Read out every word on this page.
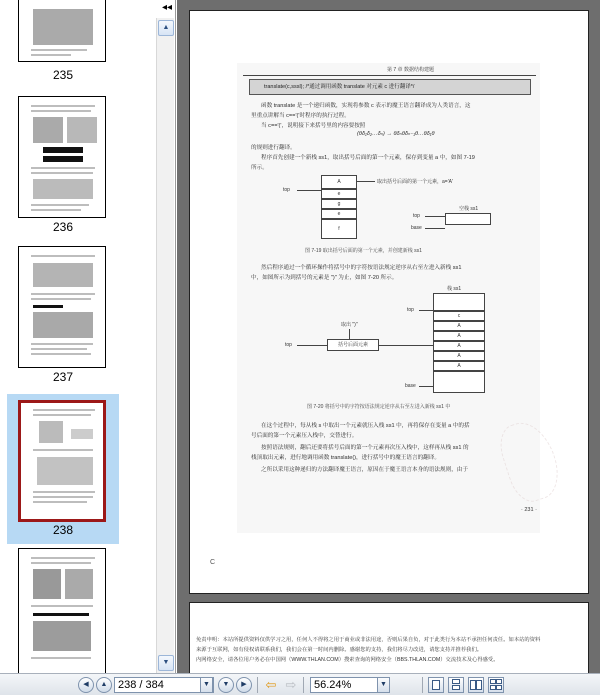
235
236
237
238
◂◂
▲
▼
第 7 章 数据结构建题
translate(c,sssl); /*通过调用函数 translate 对元素 c 进行翻译*/
函数 translate 是一个递归函数，实现将参数 c 表示的魔王语言翻译成为人类语言，这
里重点讲解当 c=='('时程序的执行过程。
当 c=='('，说明接下来括号里的内容要按照
(θδ₁δ₂…δₙ) → θδₙθδₙ₋₁θ…θδ₁θ
的规则进行翻译。
程序首先创建一个新栈 ss1，取出括号后面的第一个元素，保存到变量 a 中，如图 7-19
所示。
top
A
e
g
e
f
取出括号后面的第一个元素，a='A'
空栈 ss1
top
base
图 7-19 取出括号后面的第一个元素，并创建新栈 ss1
然后程序通过一个循环操作将括号中的字符按语法规定逆序从右至左进入新栈 ss1
中，如图所示为到括号的元素是 ")" 为止，如图 7-20 所示。
栈 ss1
top
c
A
A
A
A
A
取出 ")"
括号后面元素
top
base
图 7-20 将括号中的字符按语法规定逆序从右至左进入新栈 ss1 中
在这个过程中，每从栈 s 中取出一个元素就压入栈 ss1 中，再将保存在变量 a 中的括
号后面的第一个元素压入栈中，交替进行。
按照语法规则，翻后还要将括号后面的第一个元素再次压入栈中，这样再从栈 ss1 的
栈顶取出元素，进行地调用函数 translate()，进行括号中的魔王语言的翻译。
之所以采用这种递归的方法翻译魔王语言，原因在于魔王语言本身的语法规则，由于
· 231 ·
C
免责申明：本站所提供资料仅供学习之用，任何人不得将之用于商业或非法用途，否则后果自负，对于此类行为本站不承担任何责任。如本站的资料
来源于互联网，如有侵权请联系我们，我们会在第一时间内删除。感谢您的支持，我们将尽力改进，请您支持并推荐我们。
内网络安全，请各位用户务必在中国网（WWW.THLAN.COM）搜索查询的网络安全（BBS.THLAN.COM）交流技术及心得感受。
◀	▲ 238 / 384	▼	▼	▶	⇦ ⇨	56.24%	▼
